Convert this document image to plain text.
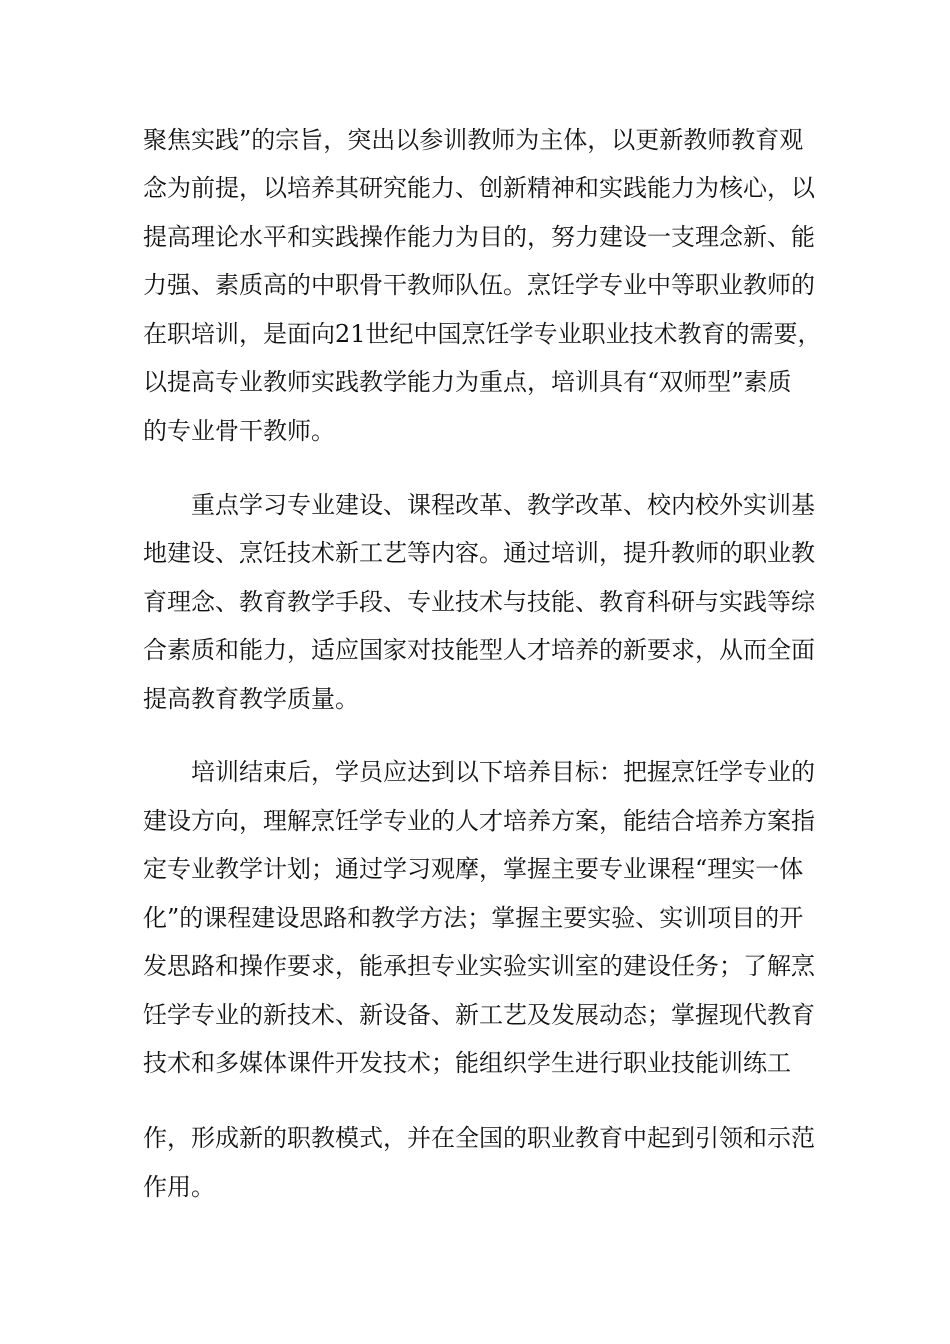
聚焦实践”的宗旨，突出以参训教师为主体，以更新教师教育观

念为前提，以培养其研究能力、创新精神和实践能力为核心，以

提高理论水平和实践操作能力为目的，努力建设一支理念新、能

力强、素质高的中职骨干教师队伍。烹饪学专业中等职业教师的

在职培训，是面向21世纪中国烹饪学专业职业技术教育的需要，

以提高专业教师实践教学能力为重点，培训具有“双师型”素质

的专业骨干教师。

重点学习专业建设、课程改革、教学改革、校内校外实训基

地建设、烹饪技术新工艺等内容。通过培训，提升教师的职业教

育理念、教育教学手段、专业技术与技能、教育科研与实践等综

合素质和能力，适应国家对技能型人才培养的新要求，从而全面

提高教育教学质量。

培训结束后，学员应达到以下培养目标：把握烹饪学专业的

建设方向，理解烹饪学专业的人才培养方案，能结合培养方案指

定专业教学计划；通过学习观摩，掌握主要专业课程“理实一体

化”的课程建设思路和教学方法；掌握主要实验、实训项目的开

发思路和操作要求，能承担专业实验实训室的建设任务；了解烹

饪学专业的新技术、新设备、新工艺及发展动态；掌握现代教育

技术和多媒体课件开发技术；能组织学生进行职业技能训练工

作，形成新的职教模式，并在全国的职业教育中起到引领和示范

作用。
